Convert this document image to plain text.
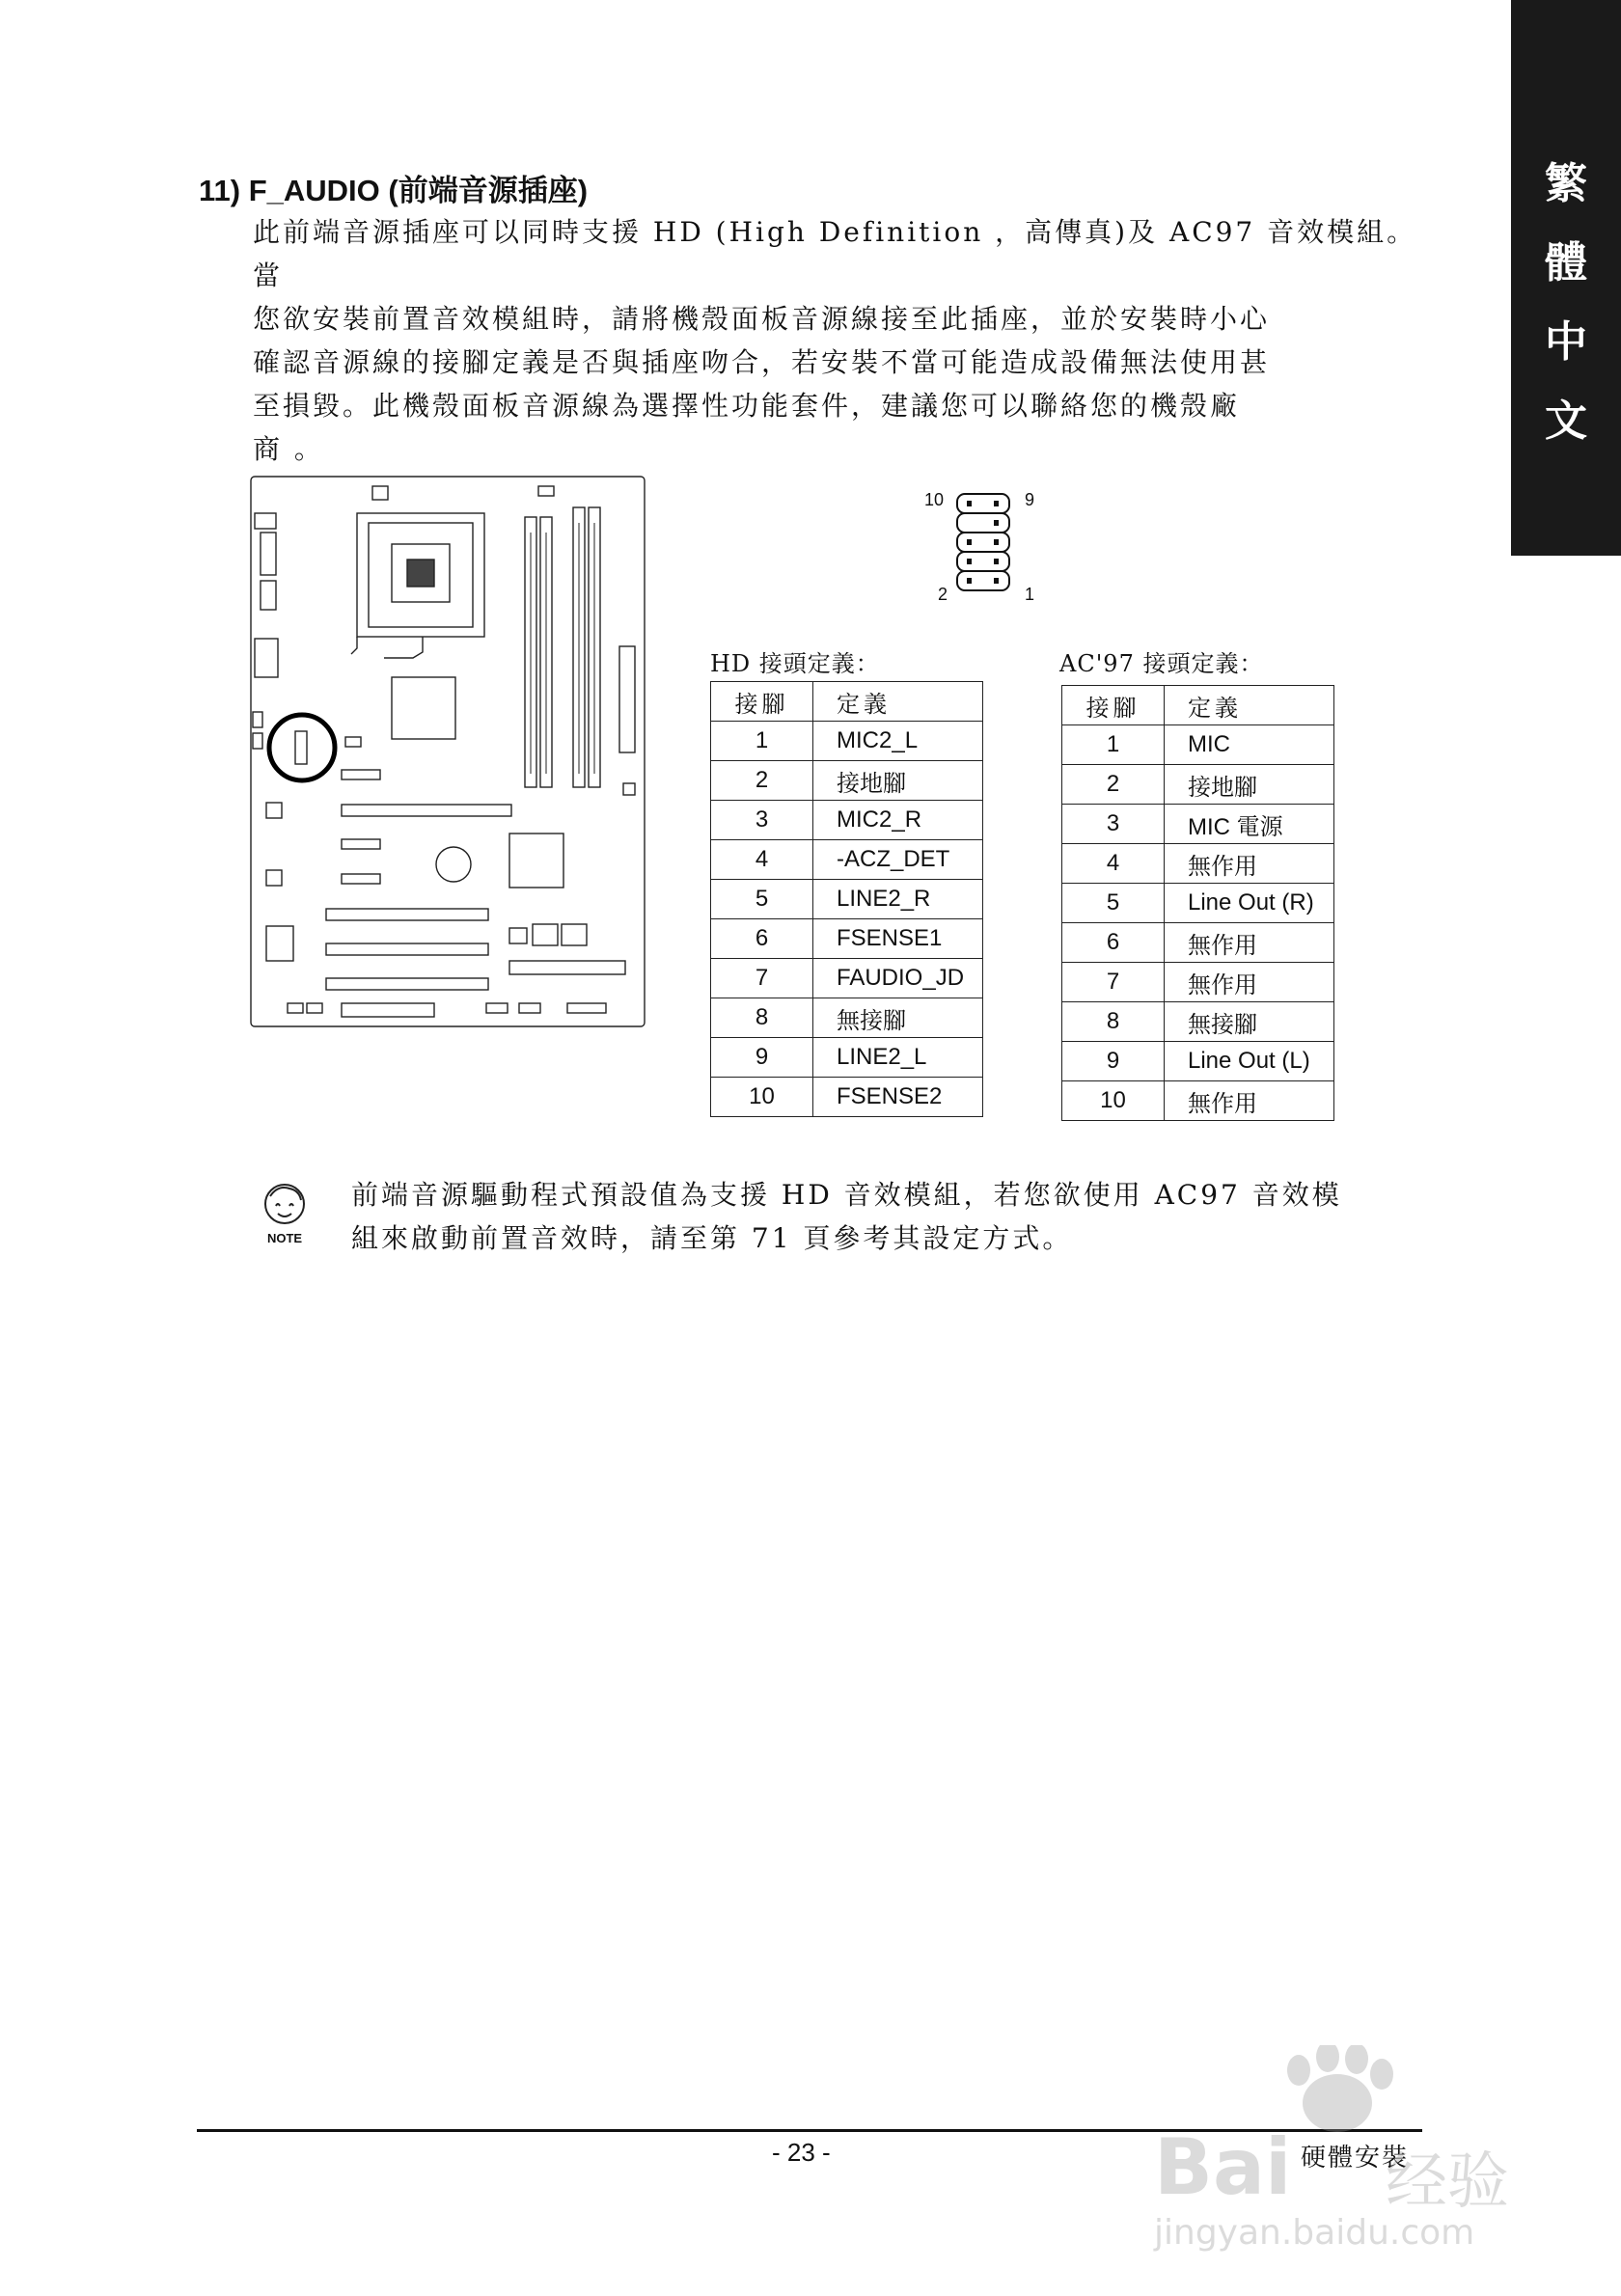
繁
體
中
文
11) F_AUDIO (前端音源插座)

此前端音源插座可以同時支援 HD (High Definition ，高傳真)及 AC97 音效模組。當

您欲安裝前置音效模組時，請將機殼面板音源線接至此插座，並於安裝時小心

確認音源線的接腳定義是否與插座吻合，若安裝不當可能造成設備無法使用甚

至損毀。此機殼面板音源線為選擇性功能套件，建議您可以聯絡您的機殼廠

商 。

10	9
2	1
HD 接頭定義：
接腳	定義
1	MIC2_L
2	接地腳
3	MIC2_R
4	-ACZ_DET
5	LINE2_R
6	FSENSE1
7	FAUDIO_JD
8	無接腳
9	LINE2_L
10	FSENSE2
AC'97 接頭定義：
接腳	定義
1	MIC
2	接地腳
3	MIC 電源
4	無作用
5	Line Out (R)
6	無作用
7	無作用
8	無接腳
9	Line Out (L)
10	無作用
NOTE

前端音源驅動程式預設值為支援 HD 音效模組，若您欲使用 AC97 音效模

組來啟動前置音效時，請至第 71 頁參考其設定方式。

- 23 -	硬體安裝
Bai 经验
jingyan.baidu.com
